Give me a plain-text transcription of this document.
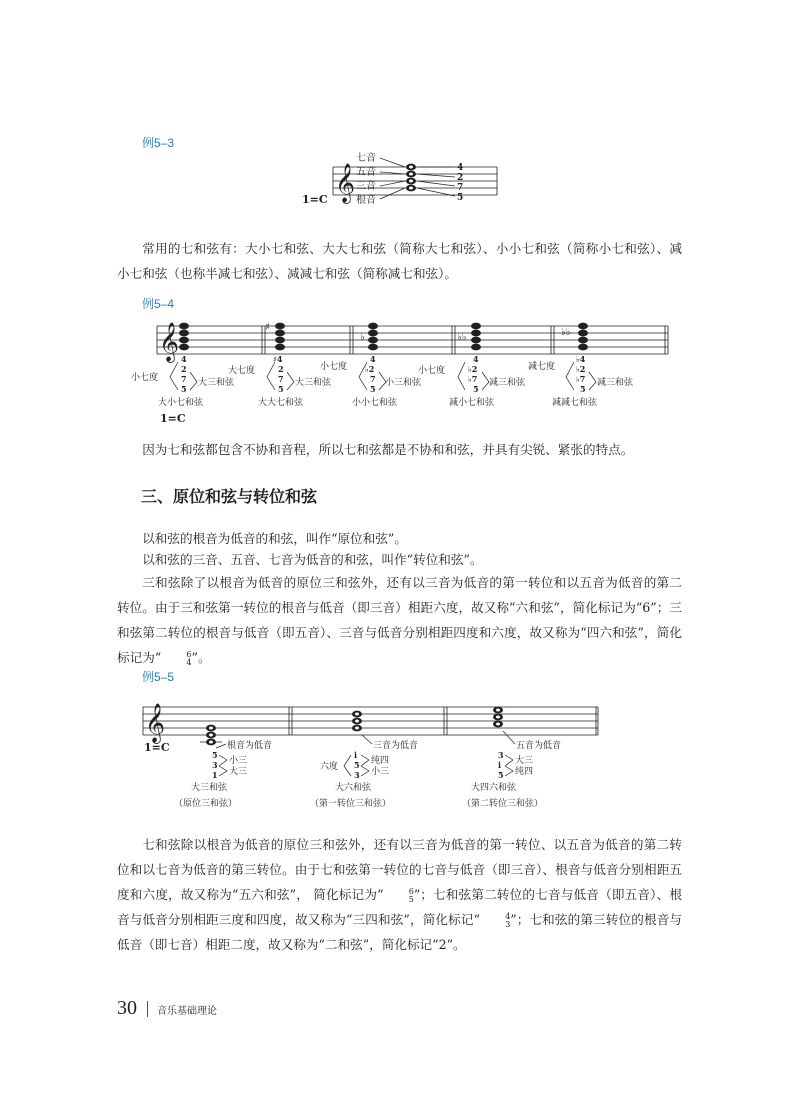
例5–3
𝄞
七音
五音
三音
根音
4
2
7
5
1=C
常用的七和弦有：大小七和弦、大大七和弦（简称大七和弦）、小小七和弦（简称小七和弦）、减小七和弦（也称半减七和弦）、减减七和弦（简称减七和弦）。
例5–4
𝄞
1=C
4
2
7
5
小七度	大三和弦
大小七和弦
♯
♯4
2
7
5
大七度
大三和弦
大大七和弦
♭
4
♭2
7
5
小七度
小三和弦
小小七和弦
♭♭
4
♭2
♭7
5
小七度
减三和弦
减小七和弦
♭♭
♭4
♭2
♭7
5
减七度
减三和弦
减减七和弦
因为七和弦都包含不协和音程，所以七和弦都是不协和和弦，并具有尖锐、紧张的特点。
三、原位和弦与转位和弦
以和弦的根音为低音的和弦，叫作“原位和弦”。
以和弦的三音、五音、七音为低音的和弦，叫作“转位和弦”。
三和弦除了以根音为低音的原位三和弦外，还有以三音为低音的第一转位和以五音为低音的第二转位。由于三和弦第一转位的根音与低音（即三音）相距六度，故又称“六和弦”，简化标记为“6”；三和弦第二转位的根音与低音（即五音）、三音与低音分别相距四度和六度，故又称为“四六和弦”，简化标记为“	6
4 ”。
例5–5
𝄞
1=C	根音为低音
5
3
1
小三
大三
大三和弦
（原位三和弦）
三音为低音
i
5
3
六度
纯四
小三
大六和弦
（第一转位三和弦）
五音为低音
3
i
5
大三
纯四
大四六和弦
（第二转位三和弦）
七和弦除以根音为低音的原位三和弦外，还有以三音为低音的第一转位、以五音为低音的第二转位和以七音为低音的第三转位。由于七和弦第一转位的七音与低音（即三音）、根音与低音分别相距五度和六度，故又称为“五六和弦”， 简化标记为“	6
5 ”；七和弦第二转位的七音与低音（即五音）、根音与低音分别相距三度和四度，故又称为“三四和弦”，简化标记“	4
3 ”；七和弦的第三转位的根音与低音（即七音）相距二度，故又称为“二和弦”，简化标记“2”。
30 音乐基础理论
